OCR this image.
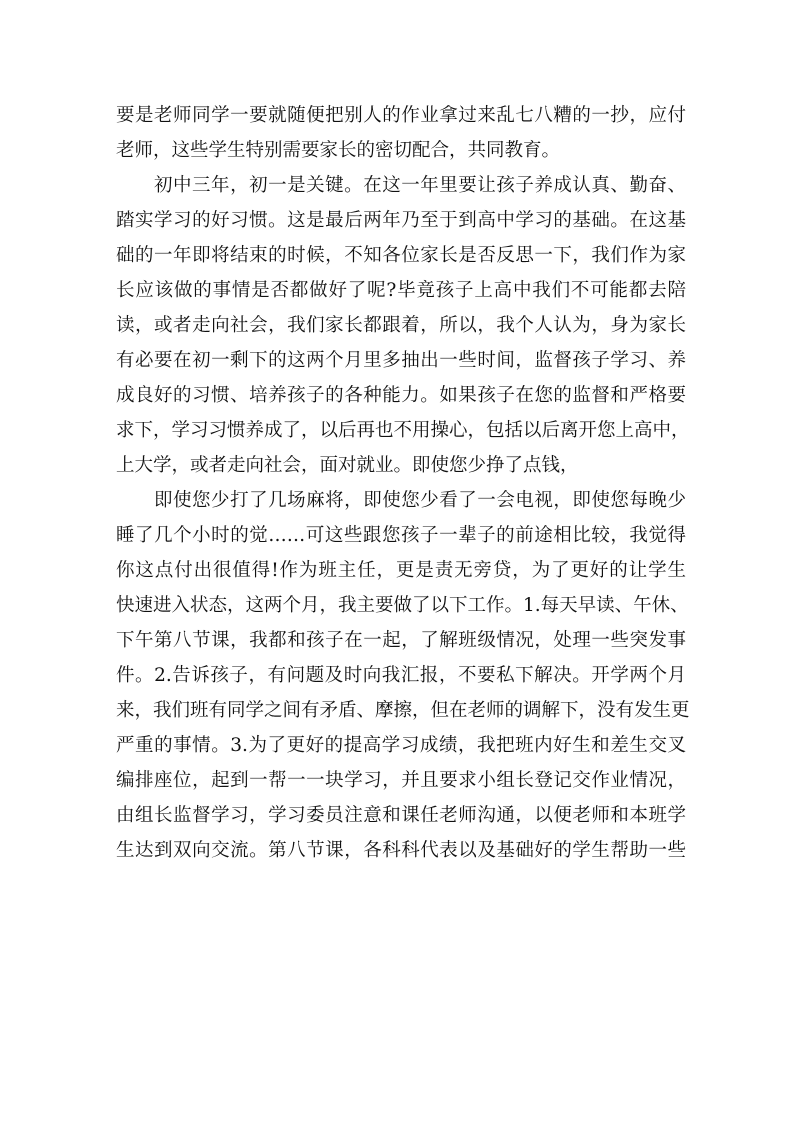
要是老师同学一要就随便把别人的作业拿过来乱七八糟的一抄，应付
老师，这些学生特别需要家长的密切配合，共同教育。
初中三年，初一是关键。在这一年里要让孩子养成认真、勤奋、
踏实学习的好习惯。这是最后两年乃至于到高中学习的基础。在这基
础的一年即将结束的时候，不知各位家长是否反思一下，我们作为家
长应该做的事情是否都做好了呢?毕竟孩子上高中我们不可能都去陪
读，或者走向社会，我们家长都跟着，所以，我个人认为，身为家长
有必要在初一剩下的这两个月里多抽出一些时间，监督孩子学习、养
成良好的习惯、培养孩子的各种能力。如果孩子在您的监督和严格要
求下，学习习惯养成了，以后再也不用操心，包括以后离开您上高中，
上大学，或者走向社会，面对就业。即使您少挣了点钱，
即使您少打了几场麻将，即使您少看了一会电视，即使您每晚少
睡了几个小时的觉……可这些跟您孩子一辈子的前途相比较，我觉得
你这点付出很值得!作为班主任，更是责无旁贷，为了更好的让学生
快速进入状态，这两个月，我主要做了以下工作。1.每天早读、午休、
下午第八节课，我都和孩子在一起，了解班级情况，处理一些突发事
件。2.告诉孩子，有问题及时向我汇报，不要私下解决。开学两个月
来，我们班有同学之间有矛盾、摩擦，但在老师的调解下，没有发生更
严重的事情。3.为了更好的提高学习成绩，我把班内好生和差生交叉
编排座位，起到一帮一一块学习，并且要求小组长登记交作业情况，
由组长监督学习，学习委员注意和课任老师沟通，以便老师和本班学
生达到双向交流。第八节课，各科科代表以及基础好的学生帮助一些
